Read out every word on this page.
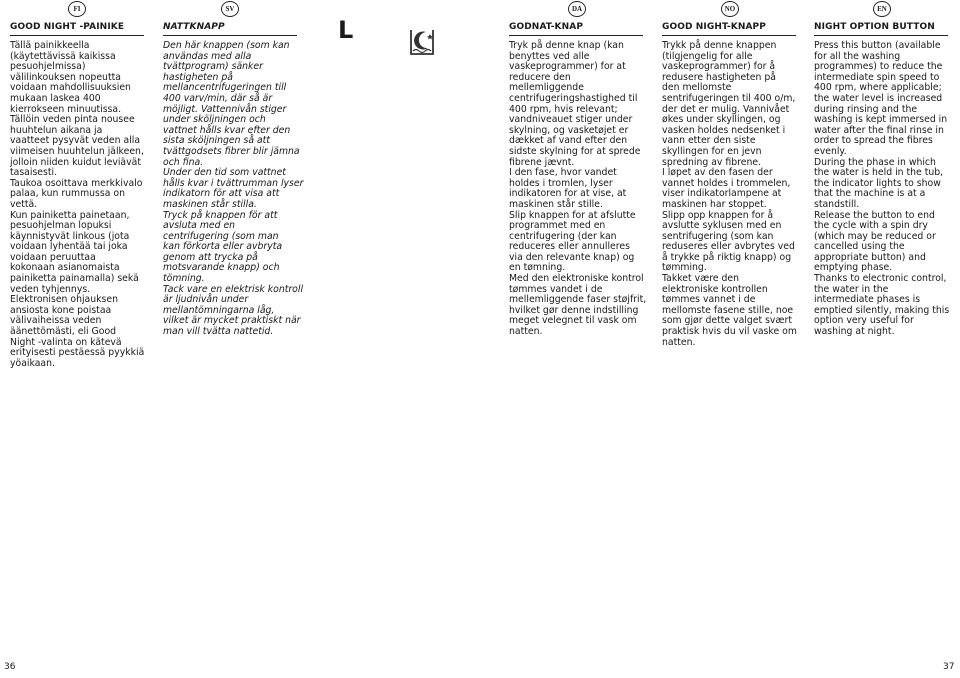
FI
GOOD NIGHT -PAINIKE

Tällä painikkeella
(käytettävissä kaikissa
pesuohjelmissa)
välilinkouksen nopeutta
voidaan mahdollisuuksien
mukaan laskea 400
kierrokseen minuutissa.
Tällöin veden pinta nousee
huuhtelun aikana ja
vaatteet pysyvät veden alla
viimeisen huuhtelun jälkeen,
jolloin niiden kuidut leviävät
tasaisesti.
Taukoa osoittava merkkivalo
palaa, kun rummussa on
vettä.
Kun painiketta painetaan,
pesuohjelman lopuksi
käynnistyvät linkous (jota
voidaan lyhentää tai joka
voidaan peruuttaa
kokonaan asianomaista
painiketta painamalla) sekä
veden tyhjennys.
Elektronisen ohjauksen
ansiosta kone poistaa
välivaiheissa veden
äänettömästi, eli Good
Night -valinta on kätevä
erityisesti pestäessä pyykkiä
yöaikaan.

SV
NATTKNAPP

Den här knappen (som kan
användas med alla
tvättprogram) sänker
hastigheten på
mellancentrifugeringen till
400 varv/min, där så är
möjligt. Vattennivån stiger
under sköljningen och
vattnet hålls kvar efter den
sista sköljningen så att
tvättgodsets fibrer blir jämna
och fina.
Under den tid som vattnet
hålls kvar i tvättrumman lyser
indikatorn för att visa att
maskinen står stilla.
Tryck på knappen för att
avsluta med en
centrifugering (som man
kan förkorta eller avbryta
genom att trycka på
motsvarande knapp) och
tömning.
Tack vare en elektrisk kontroll
är ljudnivån under
mellantömningarna låg,
vilket är mycket praktiskt när
man vill tvätta nattetid.

L
DA
GODNAT-KNAP

Tryk på denne knap (kan
benyttes ved alle
vaskeprogrammer) for at
reducere den
mellemliggende
centrifugeringshastighed til
400 rpm, hvis relevant;
vandniveauet stiger under
skylning, og vasketøjet er
dækket af vand efter den
sidste skylning for at sprede
fibrene jævnt.
I den fase, hvor vandet
holdes i tromlen, lyser
indikatoren for at vise, at
maskinen står stille.
Slip knappen for at afslutte
programmet med en
centrifugering (der kan
reduceres eller annulleres
via den relevante knap) og
en tømning.
Med den elektroniske kontrol
tømmes vandet i de
mellemliggende faser støjfrit,
hvilket gør denne indstilling
meget velegnet til vask om
natten.

NO
GOOD NIGHT-KNAPP

Trykk på denne knappen
(tilgjengelig for alle
vaskeprogrammer) for å
redusere hastigheten på
den mellomste
sentrifugeringen til 400 o/m,
der det er mulig. Vannivået
økes under skyllingen, og
vasken holdes nedsenket i
vann etter den siste
skyllingen for en jevn
spredning av fibrene.
I løpet av den fasen der
vannet holdes i trommelen,
viser indikatorlampene at
maskinen har stoppet.
Slipp opp knappen for å
avslutte syklusen med en
sentrifugering (som kan
reduseres eller avbrytes ved
å trykke på riktig knapp) og
tømming.
Takket være den
elektroniske kontrollen
tømmes vannet i de
mellomste fasene stille, noe
som gjør dette valget svært
praktisk hvis du vil vaske om
natten.

EN
NIGHT OPTION BUTTON

Press this button (available
for all the washing
programmes) to reduce the
intermediate spin speed to
400 rpm, where applicable;
the water level is increased
during rinsing and the
washing is kept immersed in
water after the final rinse in
order to spread the fibres
evenly.
During the phase in which
the water is held in the tub,
the indicator lights to show
that the machine is at a
standstill.
Release the button to end
the cycle with a spin dry
(which may be reduced or
cancelled using the
appropriate button) and
emptying phase.
Thanks to electronic control,
the water in the
intermediate phases is
emptied silently, making this
option very useful for
washing at night.

36	37
